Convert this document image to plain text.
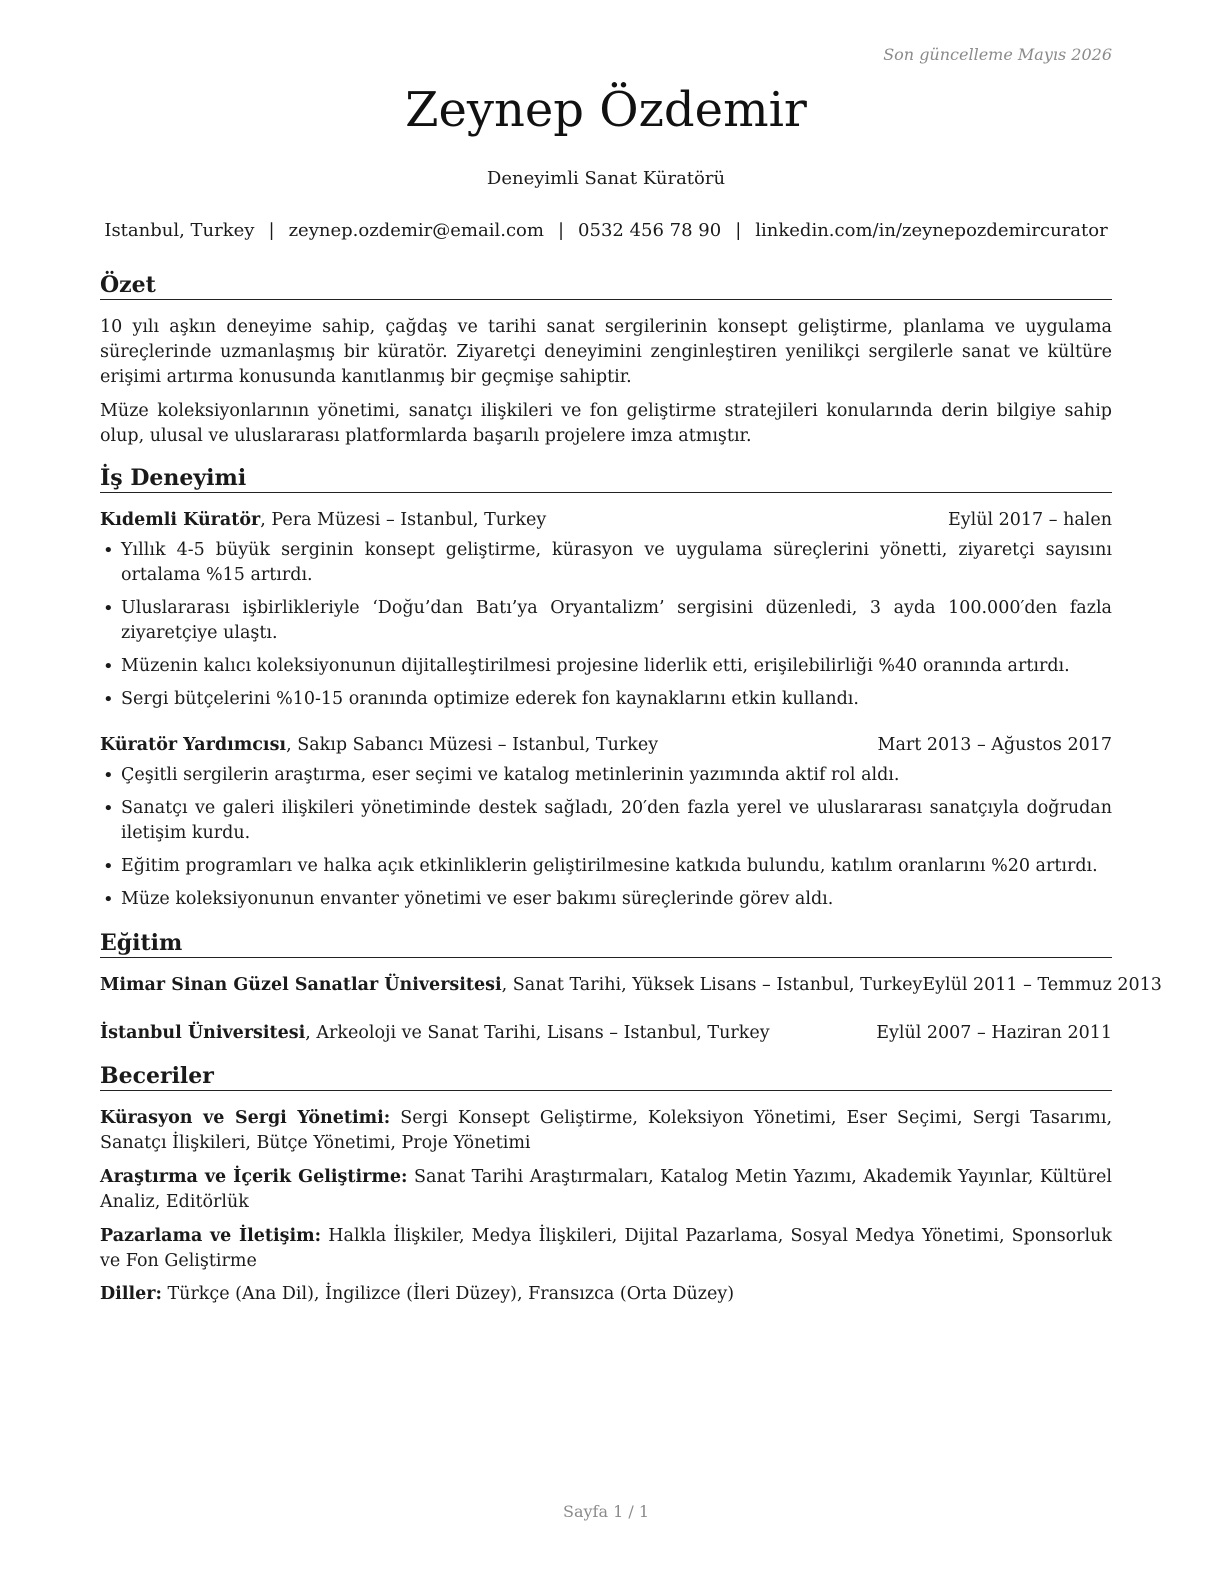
Son güncelleme Mayıs 2026
Zeynep Özdemir
Deneyimli Sanat Küratörü
Istanbul, Turkey | zeynep.ozdemir@email.com | 0532 456 78 90 | linkedin.com/in/zeynepozdemircurator
Özet

10 yılı aşkın deneyime sahip, çağdaş ve tarihi sanat sergilerinin konsept geliştirme, planlama ve uygulama süreçlerinde uzmanlaşmış bir küratör. Ziyaretçi deneyimini zenginleştiren yenilikçi sergilerle sanat ve kültüre erişimi artırma konusunda kanıtlanmış bir geçmişe sahiptir.

Müze koleksiyonlarının yönetimi, sanatçı ilişkileri ve fon geliştirme stratejileri konularında derin bilgiye sahip olup, ulusal ve uluslararası platformlarda başarılı projelere imza atmıştır.

İş Deneyimi
Kıdemli Küratör, Pera Müzesi – Istanbul, Turkey	Eylül 2017 – halen
• Yıllık 4-5 büyük serginin konsept geliştirme, kürasyon ve uygulama süreçlerini yönetti, ziyaretçi sayısını ortalama %15 artırdı.
• Uluslararası işbirlikleriyle ‘Doğu’dan Batı’ya Oryantalizm’ sergisini düzenledi, 3 ayda 100.000′den fazla ziyaretçiye ulaştı.
• Müzenin kalıcı koleksiyonunun dijitalleştirilmesi projesine liderlik etti, erişilebilirliği %40 oranında artırdı.
• Sergi bütçelerini %10-15 oranında optimize ederek fon kaynaklarını etkin kullandı.
Küratör Yardımcısı, Sakıp Sabancı Müzesi – Istanbul, Turkey	Mart 2013 – Ağustos 2017
• Çeşitli sergilerin araştırma, eser seçimi ve katalog metinlerinin yazımında aktif rol aldı.
• Sanatçı ve galeri ilişkileri yönetiminde destek sağladı, 20′den fazla yerel ve uluslararası sanatçıyla doğrudan iletişim kurdu.
• Eğitim programları ve halka açık etkinliklerin geliştirilmesine katkıda bulundu, katılım oranlarını %20 artırdı.
• Müze koleksiyonunun envanter yönetimi ve eser bakımı süreçlerinde görev aldı.
Eğitim
Mimar Sinan Güzel Sanatlar Üniversitesi, Sanat Tarihi, Yüksek Lisans – Istanbul, Turkey Eylül 2011 – Temmuz 2013
İstanbul Üniversitesi, Arkeoloji ve Sanat Tarihi, Lisans – Istanbul, Turkey	Eylül 2007 – Haziran 2011
Beceriler

Kürasyon ve Sergi Yönetimi: Sergi Konsept Geliştirme, Koleksiyon Yönetimi, Eser Seçimi, Sergi Tasarımı, Sanatçı İlişkileri, Bütçe Yönetimi, Proje Yönetimi

Araştırma ve İçerik Geliştirme: Sanat Tarihi Araştırmaları, Katalog Metin Yazımı, Akademik Yayınlar, Kültürel Analiz, Editörlük

Pazarlama ve İletişim: Halkla İlişkiler, Medya İlişkileri, Dijital Pazarlama, Sosyal Medya Yönetimi, Sponsorluk ve Fon Geliştirme

Diller: Türkçe (Ana Dil), İngilizce (İleri Düzey), Fransızca (Orta Düzey)

Sayfa 1 / 1
